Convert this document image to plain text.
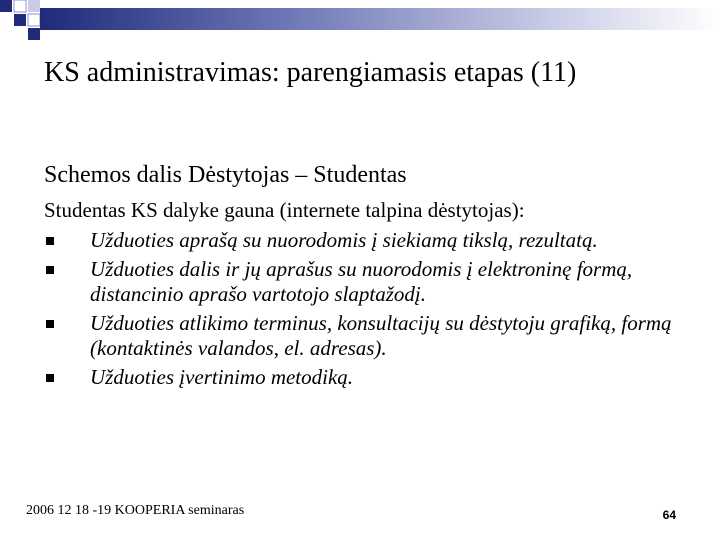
KS administravimas: parengiamasis etapas (11)
Schemos dalis Dėstytojas – Studentas
Studentas KS dalyke gauna (internete talpina dėstytojas):
Užduoties aprašą su nuorodomis į siekiamą tikslą, rezultatą.
Užduoties dalis ir jų aprašus su nuorodomis į elektroninę formą, distancinio aprašo vartotojo slaptažodį.
Užduoties atlikimo terminus, konsultacijų su dėstytoju grafiką, formą (kontaktinės valandos, el. adresas).
Užduoties įvertinimo metodiką.
2006 12 18 -19 KOOPERIA seminaras	64
